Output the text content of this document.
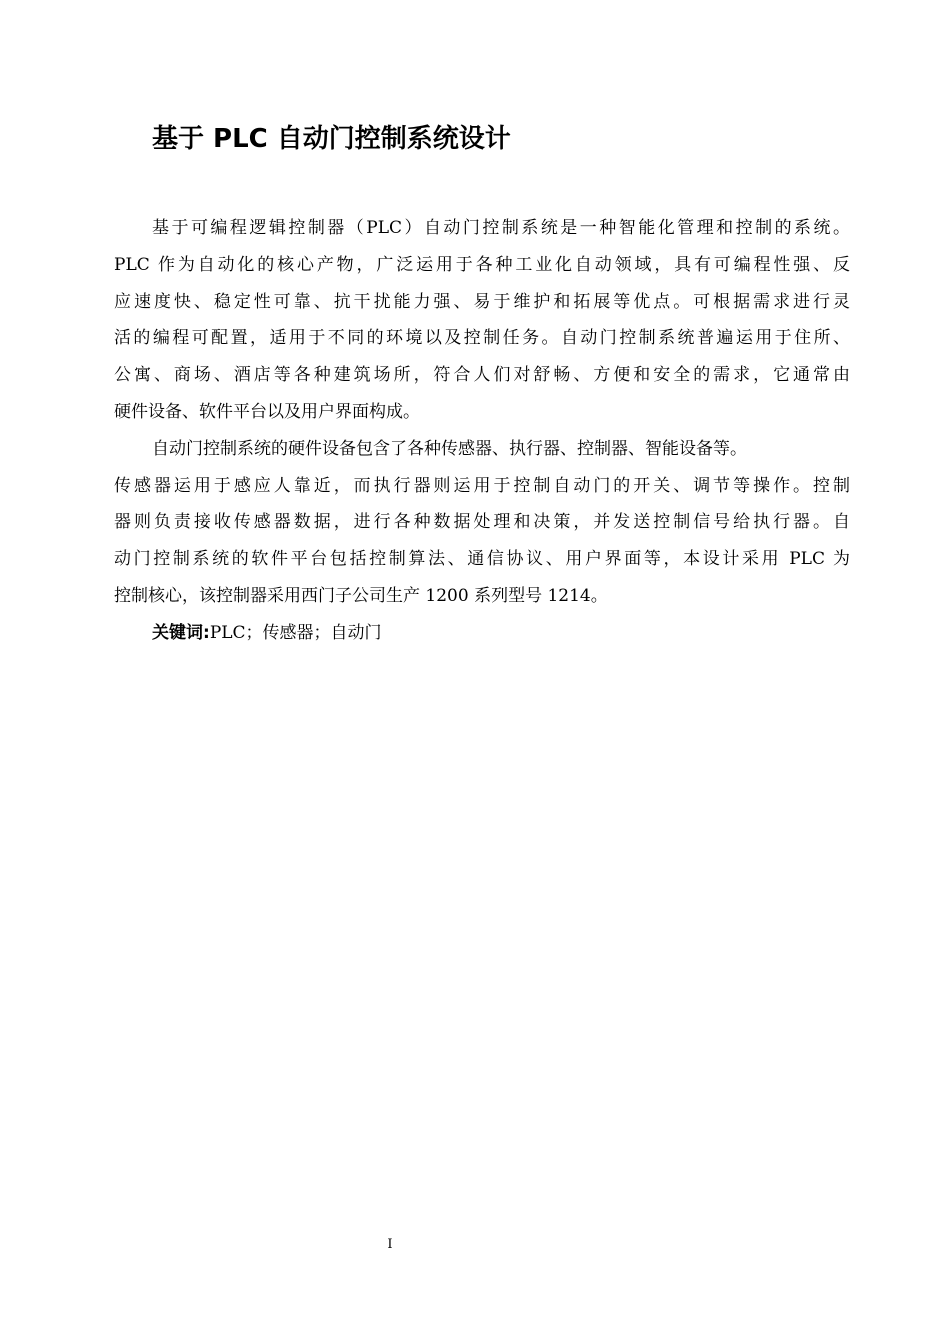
基于 PLC 自动门控制系统设计
基于可编程逻辑控制器（PLC）自动门控制系统是一种智能化管理和控制的系统。
PLC 作为自动化的核心产物，广泛运用于各种工业化自动领域，具有可编程性强、反
应速度快、稳定性可靠、抗干扰能力强、易于维护和拓展等优点。可根据需求进行灵
活的编程可配置，适用于不同的环境以及控制任务。自动门控制系统普遍运用于住所、
公寓、商场、酒店等各种建筑场所，符合人们对舒畅、方便和安全的需求，它通常由
硬件设备、软件平台以及用户界面构成。
自动门控制系统的硬件设备包含了各种传感器、执行器、控制器、智能设备等。
传感器运用于感应人靠近，而执行器则运用于控制自动门的开关、调节等操作。控制
器则负责接收传感器数据，进行各种数据处理和决策，并发送控制信号给执行器。自
动门控制系统的软件平台包括控制算法、通信协议、用户界面等，本设计采用 PLC 为
控制核心，该控制器采用西门子公司生产 1200 系列型号 1214。
关键词:PLC；传感器；自动门
I
